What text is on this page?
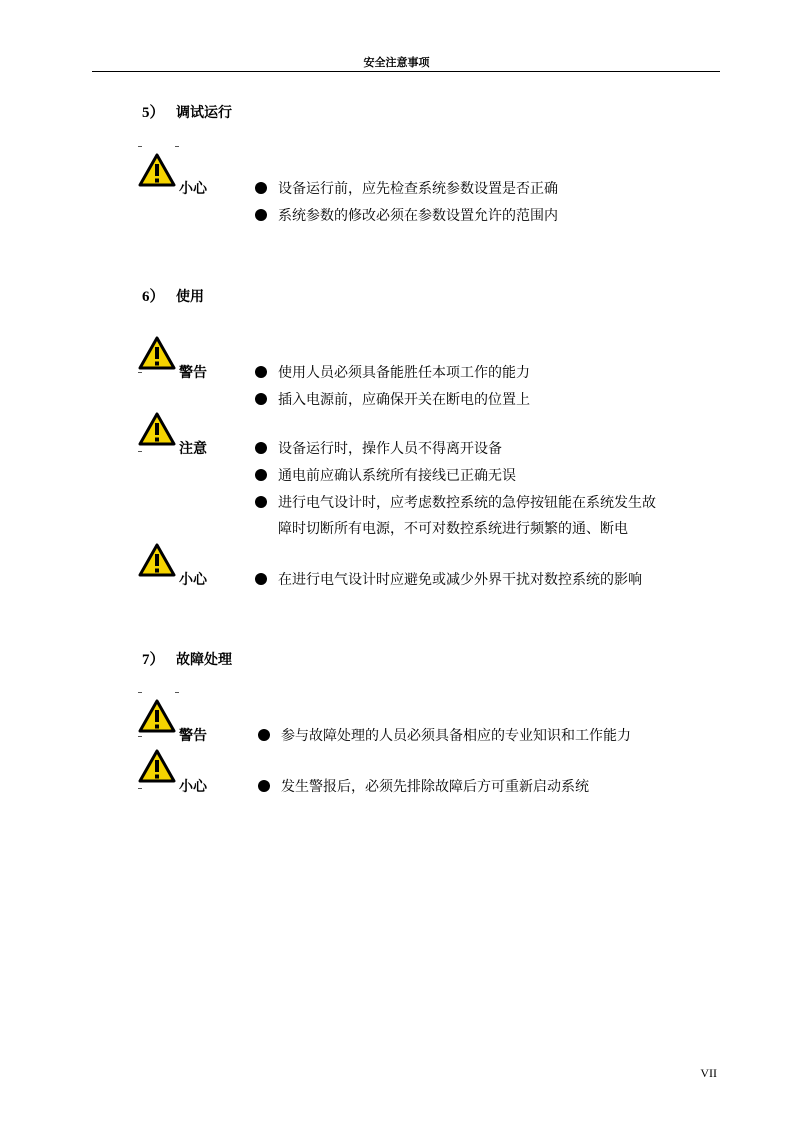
安全注意事项
5） 调试运行
小心	设备运行前，应先检查系统参数设置是否正确
系统参数的修改必须在参数设置允许的范围内
6） 使用
警告	使用人员必须具备能胜任本项工作的能力
插入电源前，应确保开关在断电的位置上
注意	设备运行时，操作人员不得离开设备
通电前应确认系统所有接线已正确无误
进行电气设计时，应考虑数控系统的急停按钮能在系统发生故
障时切断所有电源，不可对数控系统进行频繁的通、断电
小心	在进行电气设计时应避免或减少外界干扰对数控系统的影响
7） 故障处理
警告	参与故障处理的人员必须具备相应的专业知识和工作能力
小心	发生警报后，必须先排除故障后方可重新启动系统
VII
